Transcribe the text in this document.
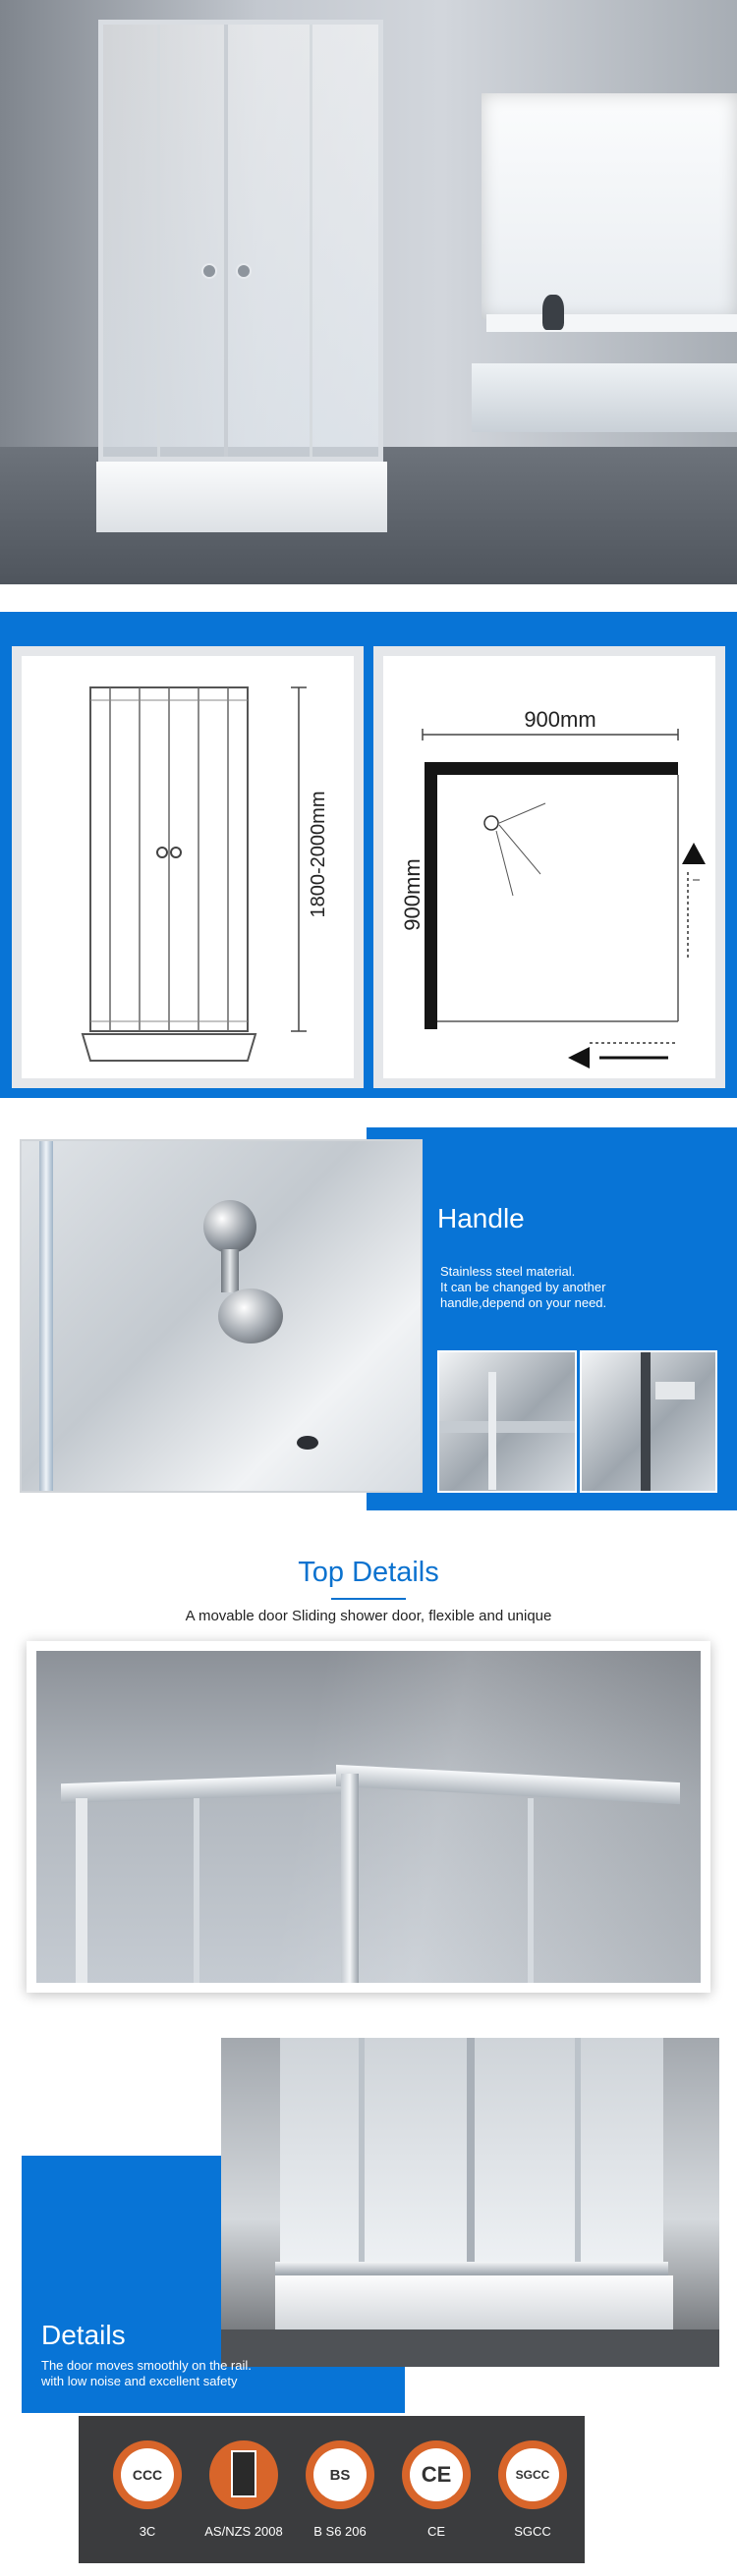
1800-2000mm
900mm
900mm
Handle
Stainless steel material.
It can be changed by another
handle,depend on your need.
Top Details
A movable door Sliding shower door, flexible and unique
Details
The door moves smoothly on the rail.
with low noise and excellent safety
CCC
3C	AS/NZS 2008
BS
B S6 206
CE
CE
SGCC
SGCC
